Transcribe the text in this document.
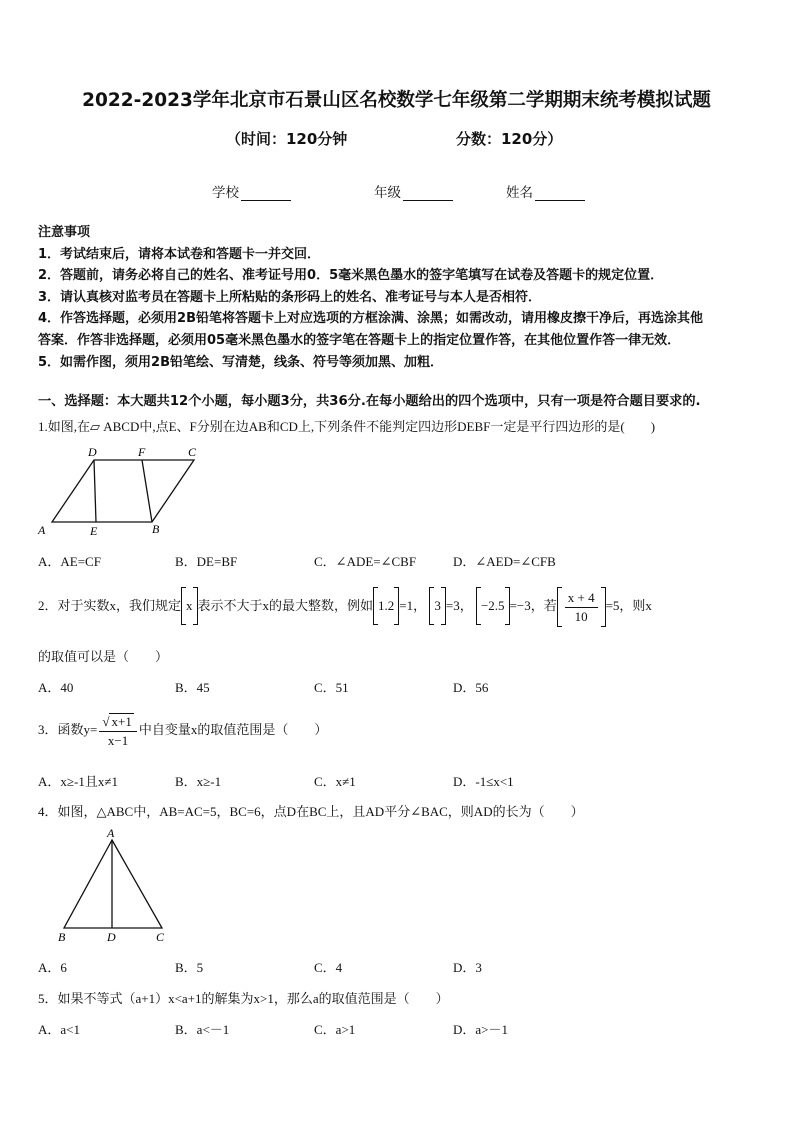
2022-2023学年北京市石景山区名校数学七年级第二学期期末统考模拟试题
（时间：120分钟	分数：120分）
学校	年级	姓名
注意事项
1．考试结束后，请将本试卷和答题卡一并交回．
2．答题前，请务必将自己的姓名、准考证号用0．5毫米黑色墨水的签字笔填写在试卷及答题卡的规定位置．
3．请认真核对监考员在答题卡上所粘贴的条形码上的姓名、准考证号与本人是否相符．
4．作答选择题，必须用2B铅笔将答题卡上对应选项的方框涂满、涂黑；如需改动，请用橡皮擦干净后，再选涂其他
答案．作答非选择题，必须用05毫米黑色墨水的签字笔在答题卡上的指定位置作答，在其他位置作答一律无效．
5．如需作图，须用2B铅笔绘、写清楚，线条、符号等须加黑、加粗．
一、选择题：本大题共12个小题，每小题3分，共36分.在每小题给出的四个选项中，只有一项是符合题目要求的.
1.如图,在▱ ABCD中,点E、F分别在边AB和CD上,下列条件不能判定四边形DEBF一定是平行四边形的是(　　)
D	F	C
A	E	B
A．AE=CF	B．DE=BF	C．∠ADE=∠CBF	D．∠AED=∠CFB
2．对于实数x，我们规定 x 表示不大于x的最大整数，例如 1.2 =1， 3 =3， −2.5 =−3，若 $\frac{x + 4}{10} =5$，则x
的取值可以是（　　）
A．40	B．45	C．51	D．56
3．函数$y= \frac{√ x+1}{x-1}$ 中自变量x的取值范围是（　　）
A．x≥-1且x≠1	B．x≥-1	C．x≠1	D．-1≤x<1
4．如图，△ABC中，AB=AC=5，BC=6，点D在BC上，且AD平分∠BAC，则AD的长为（　　）
A
B	D	C
A．6	B．5	C．4	D．3
5．如果不等式（a+1）x<a+1的解集为x>1，那么a的取值范围是（　　）
A．a<1	B．a<－1	C．a>1	D．a>－1
